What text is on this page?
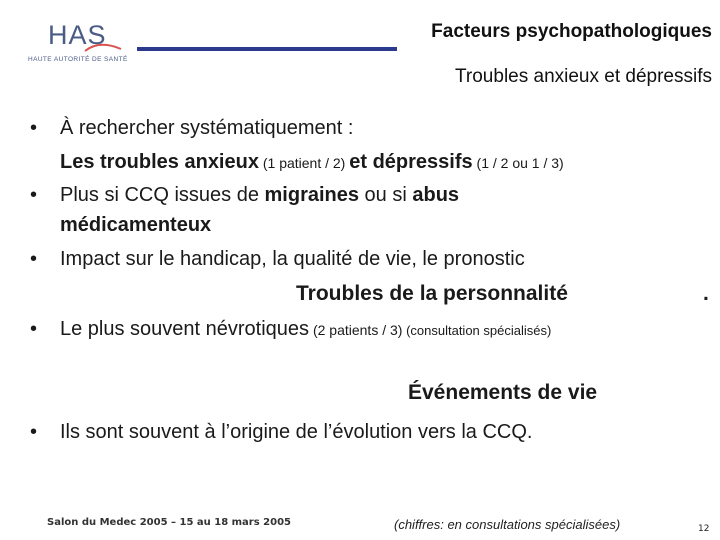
HAS
HAUTE AUTORITÉ DE SANTÉ
Facteurs psychopathologiques
Troubles anxieux et dépressifs
• À rechercher systématiquement :
Les troubles anxieux (1 patient / 2) et dépressifs (1 / 2 ou 1 / 3)
• Plus si CCQ issues de migraines ou si abus
médicamenteux
• Impact sur le handicap, la qualité de vie, le pronostic
Troubles de la personnalité	.
• Le plus souvent névrotiques (2 patients / 3) (consultation spécialisés)
Événements de vie
• Ils sont souvent à l’origine de l’évolution vers la CCQ.
Salon du Medec 2005 – 15 au 18 mars 2005	(chiffres: en consultations spécialisées)	12
